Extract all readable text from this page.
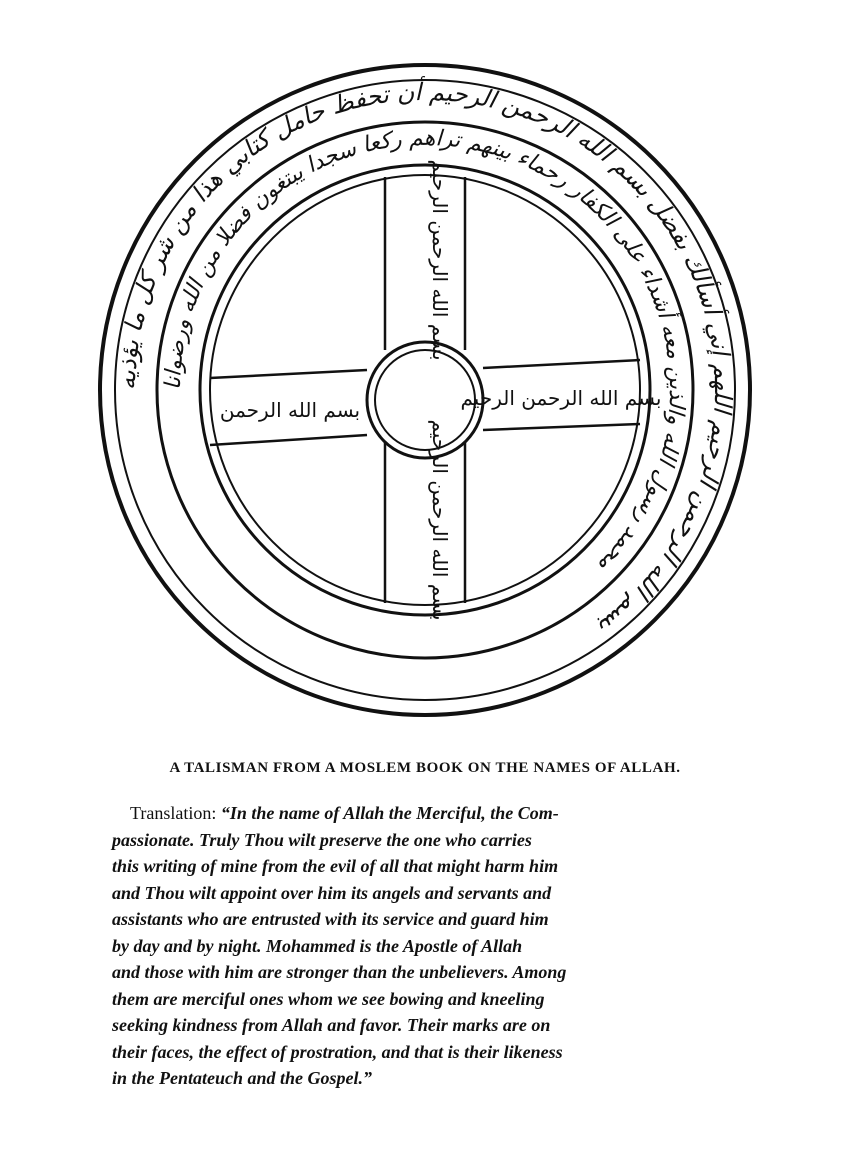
بسم الله الرحمن الرحيم اللهم إني أسألك بفضل بسم الله الرحمن الرحيم أن تحفظ حامل كتابي هذا من شر كل ما يؤذيه
محمد رسول الله والذين معه أشداء على الكفار رحماء بينهم تراهم ركعا سجدا يبتغون فضلا من الله ورضوانا
بسم الله الرحمن الرحيم
بسم الله الرحمن الرحيم
بسم الله الرحمن	بسم الله الرحمن الرحيم
A TALISMAN FROM A MOSLEM BOOK ON THE NAMES OF ALLAH.
Translation: “In the name of Allah the Merciful, the Com-
passionate. Truly Thou wilt preserve the one who carries
this writing of mine from the evil of all that might harm him
and Thou wilt appoint over him its angels and servants and
assistants who are entrusted with its service and guard him
by day and by night. Mohammed is the Apostle of Allah
and those with him are stronger than the unbelievers. Among
them are merciful ones whom we see bowing and kneeling
seeking kindness from Allah and favor. Their marks are on
their faces, the effect of prostration, and that is their likeness
in the Pentateuch and the Gospel.”
